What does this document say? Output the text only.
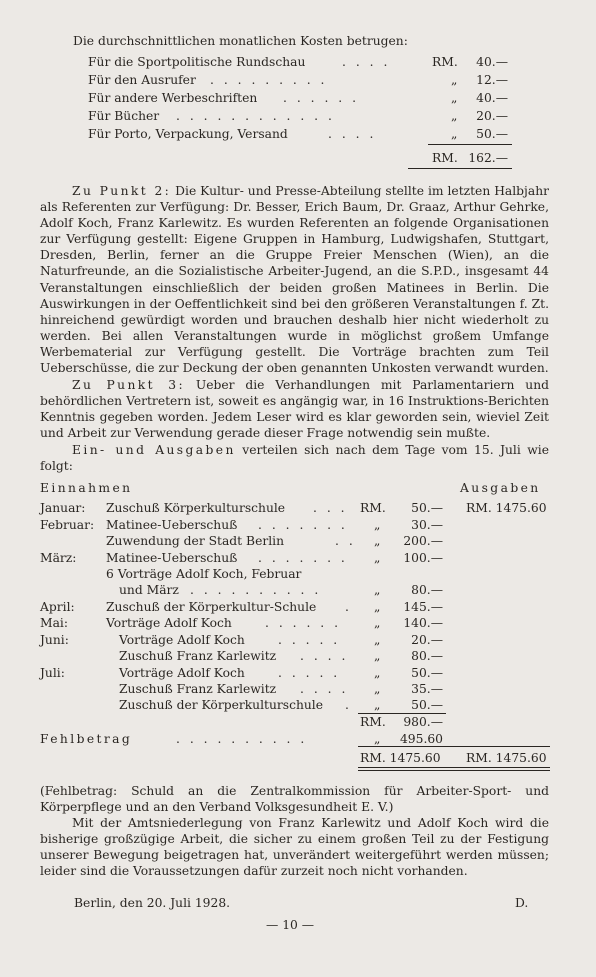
Die durchschnittlichen monatlichen Kosten betrugen:
Für die Sportpolitische Rundschau	. . . .	RM.	40.—
Für den Ausrufer . . . . . . . . .	„	12.—
Für andere Werbeschriften . . . . . .	„	40.—
Für Bücher . . . . . . . . . . . .	„	20.—
Für Porto, Verpackung, Versand	. . . .	„	50.—
RM. 162.—
Zu Punkt 2: Die Kultur- und Presse-Abteilung stellte im letzten Halbjahr als Referenten zur Verfügung: Dr. Besser, Erich Baum, Dr. Graaz, Arthur Gehrke, Adolf Koch, Franz Karlewitz. Es wurden Referenten an folgende Organisationen zur Verfügung gestellt: Eigene Gruppen in Hamburg, Ludwigshafen, Stuttgart, Dresden, Berlin, ferner an die Gruppe Freier Menschen (Wien), an die Naturfreunde, an die Sozialistische Arbeiter-Jugend, an die S.P.D., insgesamt 44 Veranstaltungen einschließlich der beiden großen Matinees in Berlin. Die Auswirkungen in der Oeffentlichkeit sind bei den größeren Veranstaltungen f. Zt. hinreichend gewürdigt worden und brauchen deshalb hier nicht wiederholt zu werden. Bei allen Veranstaltungen wurde in möglichst großem Umfange Werbematerial zur Verfügung gestellt. Die Vorträge brachten zum Teil Ueberschüsse, die zur Deckung der oben genannten Unkosten verwandt wurden.
Zu Punkt 3: Ueber die Verhandlungen mit Parlamentariern und behördlichen Vertretern ist, soweit es angängig war, in 16 Instruktions-Berichten Kenntnis gegeben worden. Jedem Leser wird es klar geworden sein, wieviel Zeit und Arbeit zur Verwendung gerade dieser Frage notwendig sein mußte.
Ein- und Ausgaben verteilen sich nach dem Tage vom 15. Juli wie folgt:
Einnahmen	Ausgaben
Januar: Zuschuß Körperkulturschule . . . RM.	50.— RM. 1475.60
Februar: Matinee-Ueberschuß . . . . . . . „	30.—
Zuwendung der Stadt Berlin	. . „	200.—
März: Matinee-Ueberschuß . . . . . . . „	100.—
6 Vorträge Adolf Koch, Februar
und März . . . . . . . . . .	„	80.—
April:	Zuschuß der Körperkultur-Schule . „	145.—
Mai:	Vorträge Adolf Koch	. . . . . .	„	140.—
Juni:	Vorträge Adolf Koch	. . . . .	„	20.—
Zuschuß Franz Karlewitz . . . . „	80.—
Juli:	Vorträge Adolf Koch	. . . . .	„	50.—
Zuschuß Franz Karlewitz . . . . „	35.—
Zuschuß der Körperkulturschule . „	50.—
RM.	980.—
Fehlbetrag	. . . . . . . . . .	„	495.60
RM. 1475.60 RM. 1475.60
(Fehlbetrag: Schuld an die Zentralkommission für Arbeiter-Sport- und Körperpflege und an den Verband Volksgesundheit E. V.)
Mit der Amtsniederlegung von Franz Karlewitz und Adolf Koch wird die bisherige großzügige Arbeit, die sicher zu einem großen Teil zu der Festigung unserer Bewegung beigetragen hat, unverändert weitergeführt werden müssen; leider sind die Voraussetzungen dafür zurzeit noch nicht vorhanden.
Berlin, den 20. Juli 1928.	D.
— 10 —
